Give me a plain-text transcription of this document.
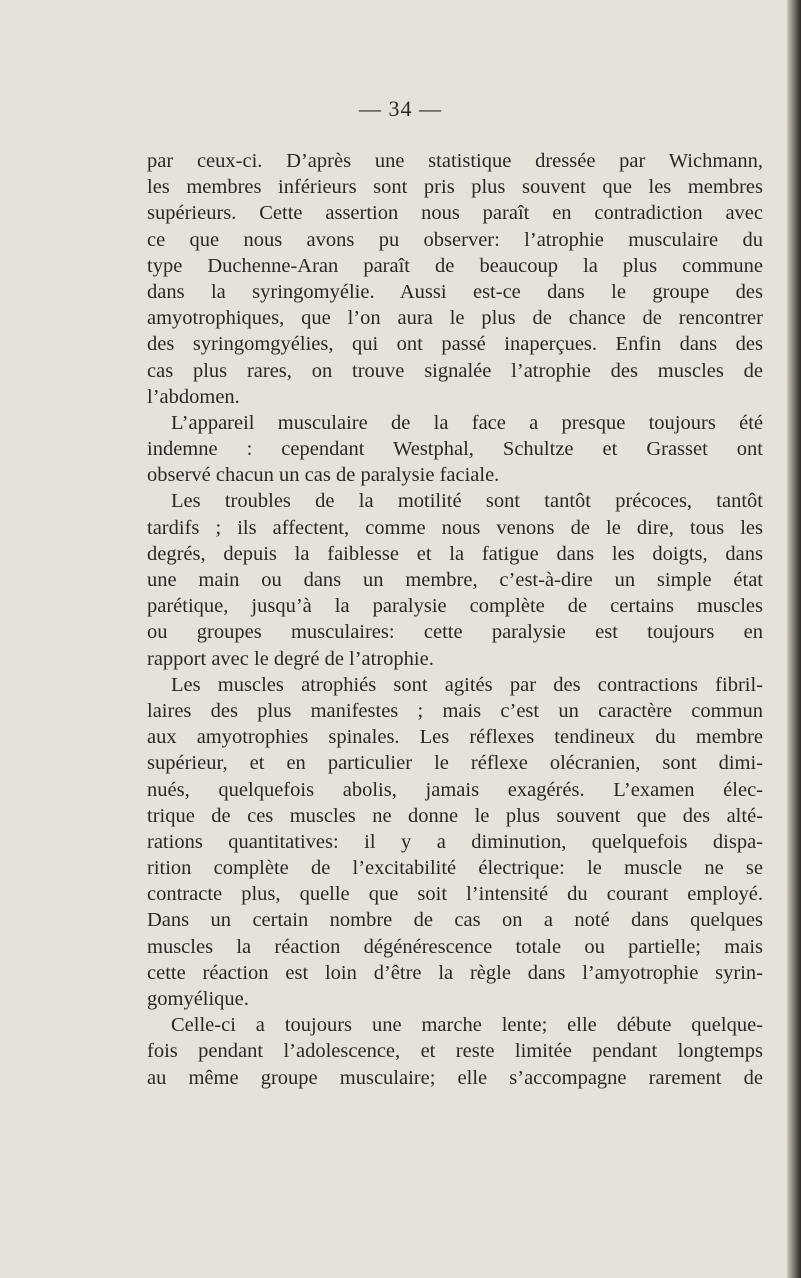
— 34 —
par ceux-ci. D’après une statistique dressée par Wichmann,
les membres inférieurs sont pris plus souvent que les membres
supérieurs. Cette assertion nous paraît en contradiction avec
ce que nous avons pu observer: l’atrophie musculaire du
type Duchenne-Aran paraît de beaucoup la plus commune
dans la syringomyélie. Aussi est-ce dans le groupe des
amyotrophiques, que l’on aura le plus de chance de rencontrer
des syringomgyélies, qui ont passé inaperçues. Enfin dans des
cas plus rares, on trouve signalée l’atrophie des muscles de
l’abdomen.
L’appareil musculaire de la face a presque toujours été
indemne : cependant Westphal, Schultze et Grasset ont
observé chacun un cas de paralysie faciale.
Les troubles de la motilité sont tantôt précoces, tantôt
tardifs ; ils affectent, comme nous venons de le dire, tous les
degrés, depuis la faiblesse et la fatigue dans les doigts, dans
une main ou dans un membre, c’est-à-dire un simple état
parétique, jusqu’à la paralysie complète de certains muscles
ou groupes musculaires: cette paralysie est toujours en
rapport avec le degré de l’atrophie.
Les muscles atrophiés sont agités par des contractions fibril-
laires des plus manifestes ; mais c’est un caractère commun
aux amyotrophies spinales. Les réflexes tendineux du membre
supérieur, et en particulier le réflexe olécranien, sont dimi-
nués, quelquefois abolis, jamais exagérés. L’examen élec-
trique de ces muscles ne donne le plus souvent que des alté-
rations quantitatives: il y a diminution, quelquefois dispa-
rition complète de l’excitabilité électrique: le muscle ne se
contracte plus, quelle que soit l’intensité du courant employé.
Dans un certain nombre de cas on a noté dans quelques
muscles la réaction dégénérescence totale ou partielle; mais
cette réaction est loin d’être la règle dans l’amyotrophie syrin-
gomyélique.
Celle-ci a toujours une marche lente; elle débute quelque-
fois pendant l’adolescence, et reste limitée pendant longtemps
au même groupe musculaire; elle s’accompagne rarement de
